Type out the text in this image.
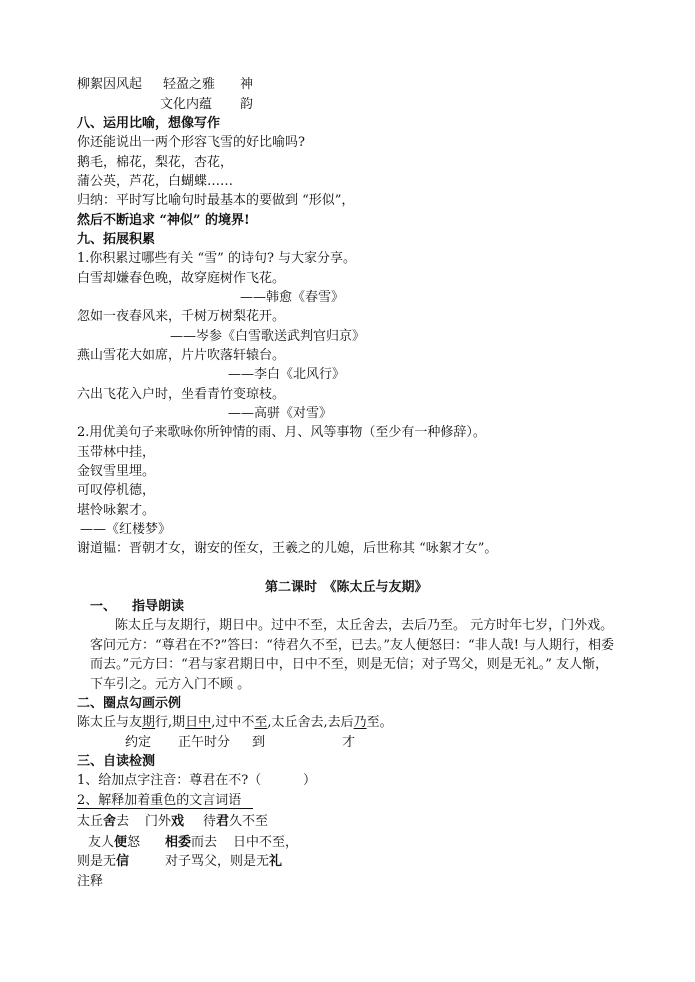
柳絮因风起 轻盈之雅 神
文化内蕴 韵
八、运用比喻，想像写作
你还能说出一两个形容飞雪的好比喻吗?
鹅毛，棉花，梨花，杏花，
蒲公英，芦花，白蝴蝶……
归纳：平时写比喻句时最基本的要做到 “形似”，
然后不断追求 “神似” 的境界!
九、拓展积累
1.你积累过哪些有关 “雪” 的诗句? 与大家分享。
白雪却嫌春色晚，故穿庭树作飞花。
——韩愈《春雪》
忽如一夜春风来，千树万树梨花开。
——岑参《白雪歌送武判官归京》
燕山雪花大如席，片片吹落轩辕台。
——李白《北风行》
六出飞花入户时，坐看青竹变琼枝。
——高骈《对雪》
2.用优美句子来歌咏你所钟情的雨、月、风等事物（至少有一种修辞）。
玉带林中挂，
金钗雪里埋。
可叹停机德，
堪怜咏絮才。
——《红楼梦》
谢道韫：晋朝才女，谢安的侄女，王羲之的儿媳，后世称其 “咏絮才女”。
第二课时　《陈太丘与友期》
一、 指导朗读
陈太丘与友期行，期日中。过中不至，太丘舍去，去后乃至。 元方时年七岁，门外戏。
客问元方：“尊君在不?”答曰：“待君久不至，已去。”友人便怒曰：“非人哉! 与人期行，相委
而去。”元方曰：“君与家君期日中，日中不至，则是无信；对子骂父，则是无礼。” 友人惭，
下车引之。元方入门不顾 。
二、圈点勾画示例
陈太丘与友期行,期日中,过中不至,太丘舍去,去后乃至。
约定 正午时分 到	才
三、自读检测
1、给加点字注音：尊君在不?（	）
2、解释加着重色的文言词语
太丘舍去 门外戏 待君久不至
友人便怒 相委而去 日中不至，
则是无信	对子骂父，则是无礼
注释
